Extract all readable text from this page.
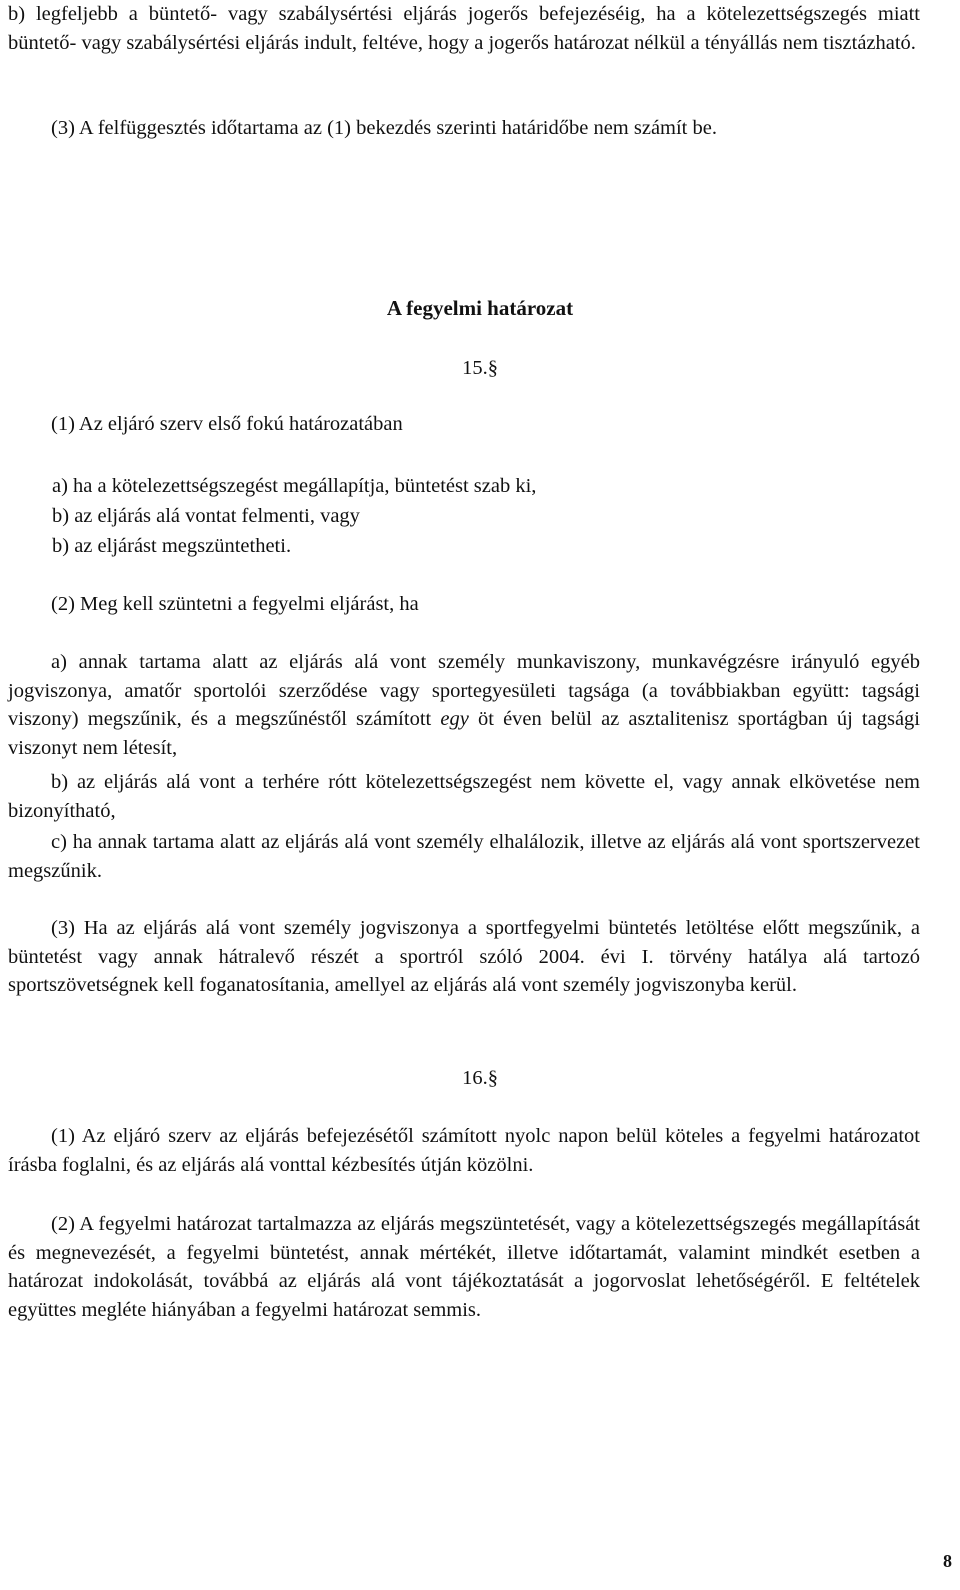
b) legfeljebb a büntető- vagy szabálysértési eljárás jogerős befejezéséig, ha a kötelezettségszegés miatt büntető- vagy szabálysértési eljárás indult, feltéve, hogy a jogerős határozat nélkül a tényállás nem tisztázható.
(3) A felfüggesztés időtartama az (1) bekezdés szerinti határidőbe nem számít be.
A fegyelmi határozat
15.§
(1) Az eljáró szerv első fokú határozatában
a) ha a kötelezettségszegést megállapítja, büntetést szab ki,
b) az eljárás alá vontat felmenti, vagy
b) az eljárást megszüntetheti.
(2) Meg kell szüntetni a fegyelmi eljárást, ha
a) annak tartama alatt az eljárás alá vont személy munkaviszony, munkavégzésre irányuló egyéb jogviszonya, amatőr sportolói szerződése vagy sportegyesületi tagsága (a továbbiakban együtt: tagsági viszony) megszűnik, és a megszűnéstől számított egy öt éven belül az asztalitenisz sportágban új tagsági viszonyt nem létesít,
b) az eljárás alá vont a terhére rótt kötelezettségszegést nem követte el, vagy annak elkövetése nem bizonyítható,
c) ha annak tartama alatt az eljárás alá vont személy elhalálozik, illetve az eljárás alá vont sportszervezet megszűnik.
(3) Ha az eljárás alá vont személy jogviszonya a sportfegyelmi büntetés letöltése előtt megszűnik, a büntetést vagy annak hátralevő részét a sportról szóló 2004. évi I. törvény hatálya alá tartozó sportszövetségnek kell foganatosítania, amellyel az eljárás alá vont személy jogviszonyba kerül.
16.§
(1) Az eljáró szerv az eljárás befejezésétől számított nyolc napon belül köteles a fegyelmi határozatot írásba foglalni, és az eljárás alá vonttal kézbesítés útján közölni.
(2) A fegyelmi határozat tartalmazza az eljárás megszüntetését, vagy a kötelezettségszegés megállapítását és megnevezését, a fegyelmi büntetést, annak mértékét, illetve időtartamát, valamint mindkét esetben a határozat indokolását, továbbá az eljárás alá vont tájékoztatását a jogorvoslat lehetőségéről. E feltételek együttes megléte hiányában a fegyelmi határozat semmis.
8
